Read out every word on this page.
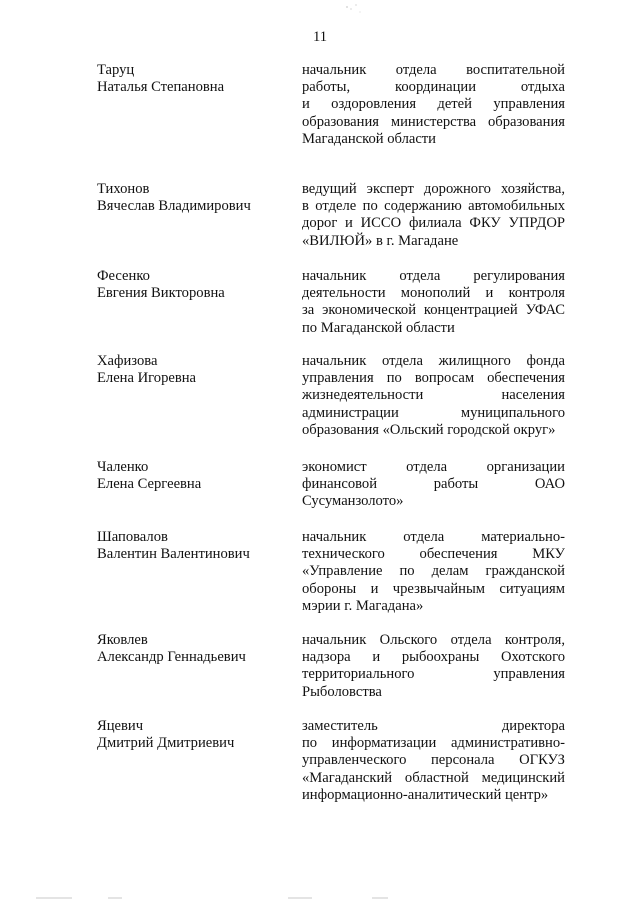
11
Таруц
Наталья Степановна
начальник отдела воспитательной
работы, координации отдыха
и оздоровления детей управления
образования министерства образования
Магаданской области
Тихонов
Вячеслав Владимирович
ведущий эксперт дорожного хозяйства,
в отделе по содержанию автомобильных
дорог и ИССО филиала ФКУ УПРДОР
«ВИЛЮЙ» в г. Магадане
Фесенко
Евгения Викторовна
начальник отдела регулирования
деятельности монополий и контроля
за экономической концентрацией УФАС
по Магаданской области
Хафизова
Елена Игоревна
начальник отдела жилищного фонда
управления по вопросам обеспечения
жизнедеятельности населения
администрации муниципального
образования «Ольский городской округ»
Чаленко
Елена Сергеевна
экономист отдела организации
финансовой работы ОАО
Сусуманзолото»
Шаповалов
Валентин Валентинович
начальник отдела материально-
технического обеспечения МКУ
«Управление по делам гражданской
обороны и чрезвычайным ситуациям
мэрии г. Магадана»
Яковлев
Александр Геннадьевич
начальник Ольского отдела контроля,
надзора и рыбоохраны Охотского
территориального управления
Рыболовства
Яцевич
Дмитрий Дмитриевич
заместитель директора
по информатизации административно-
управленческого персонала ОГКУЗ
«Магаданский областной медицинский
информационно-аналитический центр»
